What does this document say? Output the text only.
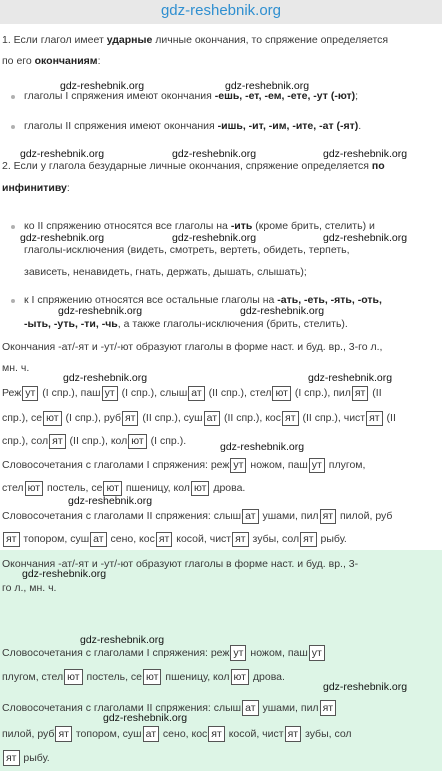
gdz-reshebnik.org
1. Если глагол имеет ударные личные окончания, то спряжение определяется
по его окончаниям:
gdz-reshebnik.org	gdz-reshebnik.org
глаголы I спряжения имеют окончания -ешь, -ет, -ем, -ете, -ут (-ют);
глаголы II спряжения имеют окончания -ишь, -ит, -им, -ите, -ат (-ят).
gdz-reshebnik.org	gdz-reshebnik.org	gdz-reshebnik.org
2. Если у глагола безударные личные окончания, спряжение определяется по
инфинитиву:
ко II спряжению относятся все глаголы на -ить (кроме брить, стелить) и
gdz-reshebnik.org	gdz-reshebnik.org	gdz-reshebnik.org
глаголы-исключения (видеть, смотреть, вертеть, обидеть, терпеть,
зависеть, ненавидеть, гнать, держать, дышать, слышать);
к I спряжению относятся все остальные глаголы на -ать, -еть, -ять, -оть,
gdz-reshebnik.org	gdz-reshebnik.org
-ыть, -уть, -ти, -чь, а также глаголы-исключения (брить, стелить).
Окончания -ат/-ят и -ут/-ют образуют глаголы в форме наст. и буд. вр., 3-го л.,
мн. ч.
gdz-reshebnik.org	gdz-reshebnik.org
Реж ут (I спр.), паш ут (I спр.), слыш ат (II спр.), стел ют (I спр.), пил ят (II
спр.), се ют (I спр.), руб ят (II спр.), суш ат (II спр.), кос ят (II спр.), чист ят (II
спр.), сол ят (II спр.), кол ют (I спр.).	gdz-reshebnik.org
Словосочетания с глаголами I спряжения: реж ут ножом, паш ут плугом,
стел ют постель, се ют пшеницу, кол ют дрова.
gdz-reshebnik.org
Словосочетания с глаголами II спряжения: слыш ат ушами, пил ят пилой, руб
ят топором, суш ат сено, кос ят косой, чист ят зубы, сол ят рыбу.
Окончания -ат/-ят и -ут/-ют образуют глаголы в форме наст. и буд. вр., 3-
gdz-reshebnik.org
го л., мн. ч.
gdz-reshebnik.org
Словосочетания с глаголами I спряжения: реж ут ножом, паш ут
плугом, стел ют постель, се ют пшеницу, кол ют дрова.
gdz-reshebnik.org
Словосочетания с глаголами II спряжения: слыш ат ушами, пил ят
gdz-reshebnik.org
пилой, руб ят топором, суш ат сено, кос ят косой, чист ят зубы, сол
ят рыбу.
